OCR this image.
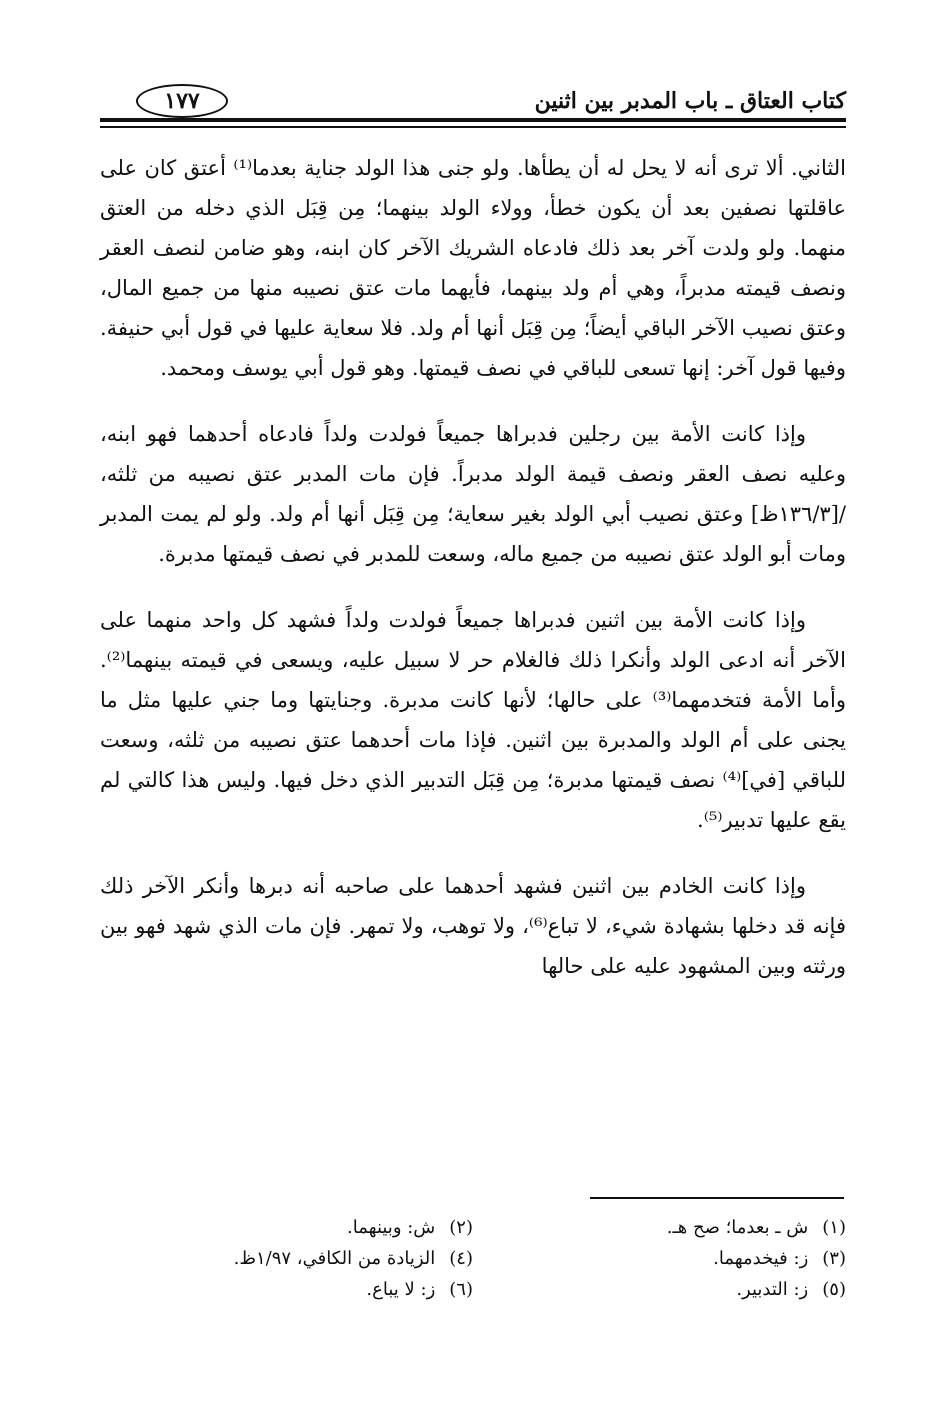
كتاب العتاق ـ باب المدبر بين اثنين
١٧٧

الثاني. ألا ترى أنه لا يحل له أن يطأها. ولو جنى هذا الولد جناية بعدما⁽¹⁾ أعتق كان على عاقلتها نصفين بعد أن يكون خطأ، وولاء الولد بينهما؛ مِن قِبَل الذي دخله من العتق منهما. ولو ولدت آخر بعد ذلك فادعاه الشريك الآخر كان ابنه، وهو ضامن لنصف العقر ونصف قيمته مدبراً، وهي أم ولد بينهما، فأيهما مات عتق نصيبه منها من جميع المال، وعتق نصيب الآخر الباقي أيضاً؛ مِن قِبَل أنها أم ولد. فلا سعاية عليها في قول أبي حنيفة. وفيها قول آخر: إنها تسعى للباقي في نصف قيمتها. وهو قول أبي يوسف ومحمد.

وإذا كانت الأمة بين رجلين فدبراها جميعاً فولدت ولداً فادعاه أحدهما فهو ابنه، وعليه نصف العقر ونصف قيمة الولد مدبراً. فإن مات المدبر عتق نصيبه من ثلثه، /[١٣٦/٣ظ] وعتق نصيب أبي الولد بغير سعاية؛ مِن قِبَل أنها أم ولد. ولو لم يمت المدبر ومات أبو الولد عتق نصيبه من جميع ماله، وسعت للمدبر في نصف قيمتها مدبرة.

وإذا كانت الأمة بين اثنين فدبراها جميعاً فولدت ولداً فشهد كل واحد منهما على الآخر أنه ادعى الولد وأنكرا ذلك فالغلام حر لا سبيل عليه، ويسعى في قيمته بينهما⁽²⁾. وأما الأمة فتخدمهما⁽³⁾ على حالها؛ لأنها كانت مدبرة. وجنايتها وما جني عليها مثل ما يجنى على أم الولد والمدبرة بين اثنين. فإذا مات أحدهما عتق نصيبه من ثلثه، وسعت للباقي [في]⁽⁴⁾ نصف قيمتها مدبرة؛ مِن قِبَل التدبير الذي دخل فيها. وليس هذا كالتي لم يقع عليها تدبير⁽⁵⁾.

وإذا كانت الخادم بين اثنين فشهد أحدهما على صاحبه أنه دبرها وأنكر الآخر ذلك فإنه قد دخلها بشهادة شيء، لا تباع⁽⁶⁾، ولا توهب، ولا تمهر. فإن مات الذي شهد فهو بين ورثته وبين المشهود عليه على حالها

(١)ش ـ بعدما؛ صح هـ.
(٢)ش: وبينهما.
(٣)ز: فيخدمهما.
(٤)الزيادة من الكافي، ١/٩٧ظ.
(٥)ز: التدبير.
(٦)ز: لا يباع.
